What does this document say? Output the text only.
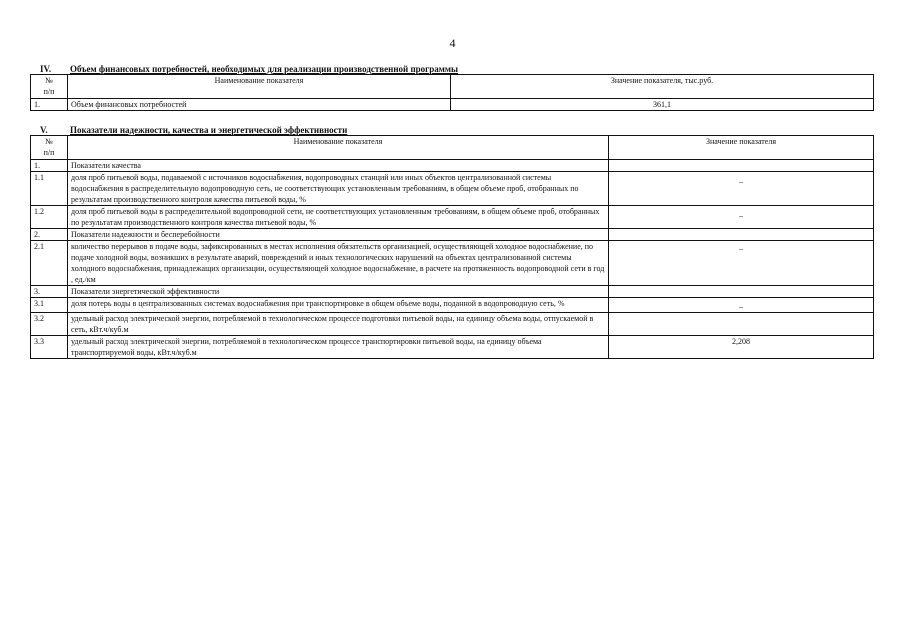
4
IV. Объем финансовых потребностей, необходимых для реализации производственной программы
№
п/п	Наименование показателя	Значение показателя, тыс.руб.
1.	Объем финансовых потребностей	361,1
V. Показатели надежности, качества и энергетической эффективности
№
п/п	Наименование показателя	Значение показателя
1.	Показатели качества	
1.1	доля проб питьевой воды, подаваемой с источников водоснабжения, водопроводных станций или иных объектов централизованной системы водоснабжения в распределительную водопроводную сеть, не соответствующих установленным требованиям, в общем объеме проб, отобранных по результатам производственного контроля качества питьевой воды, %	–
1.2	доля проб питьевой воды в распределительной водопроводной сети, не соответствующих установленным требованиям, в общем объеме проб, отобранных по результатам производственного контроля качества питьевой воды, %	–
2.	Показатели надежности и бесперебойности	
2.1	количество перерывов в подаче воды, зафиксированных в местах исполнения обязательств организацией, осуществляющей холодное водоснабжение, по подаче холодной воды, возникших в результате аварий, повреждений и иных технологических нарушений на объектах централизованной системы холодного водоснабжения, принадлежащих организации, осуществляющей холодное водоснабжение, в расчете на протяженность водопроводной сети в год , ед./км	–
3.	Показатели энергетической эффективности	
3.1	доля потерь воды в централизованных системах водоснабжения при транспортировке в общем объеме воды, поданной в водопроводную сеть, %	–
3.2	удельный расход электрической энергии, потребляемой в технологическом процессе подготовки питьевой воды, на единицу объема воды, отпускаемой в сеть, кВт.ч/куб.м	
3.3	удельный расход электрической энергии, потребляемой в технологическом процессе транспортировки питьевой воды, на единицу объема транспортируемой воды, кВт.ч/куб.м	2,208
